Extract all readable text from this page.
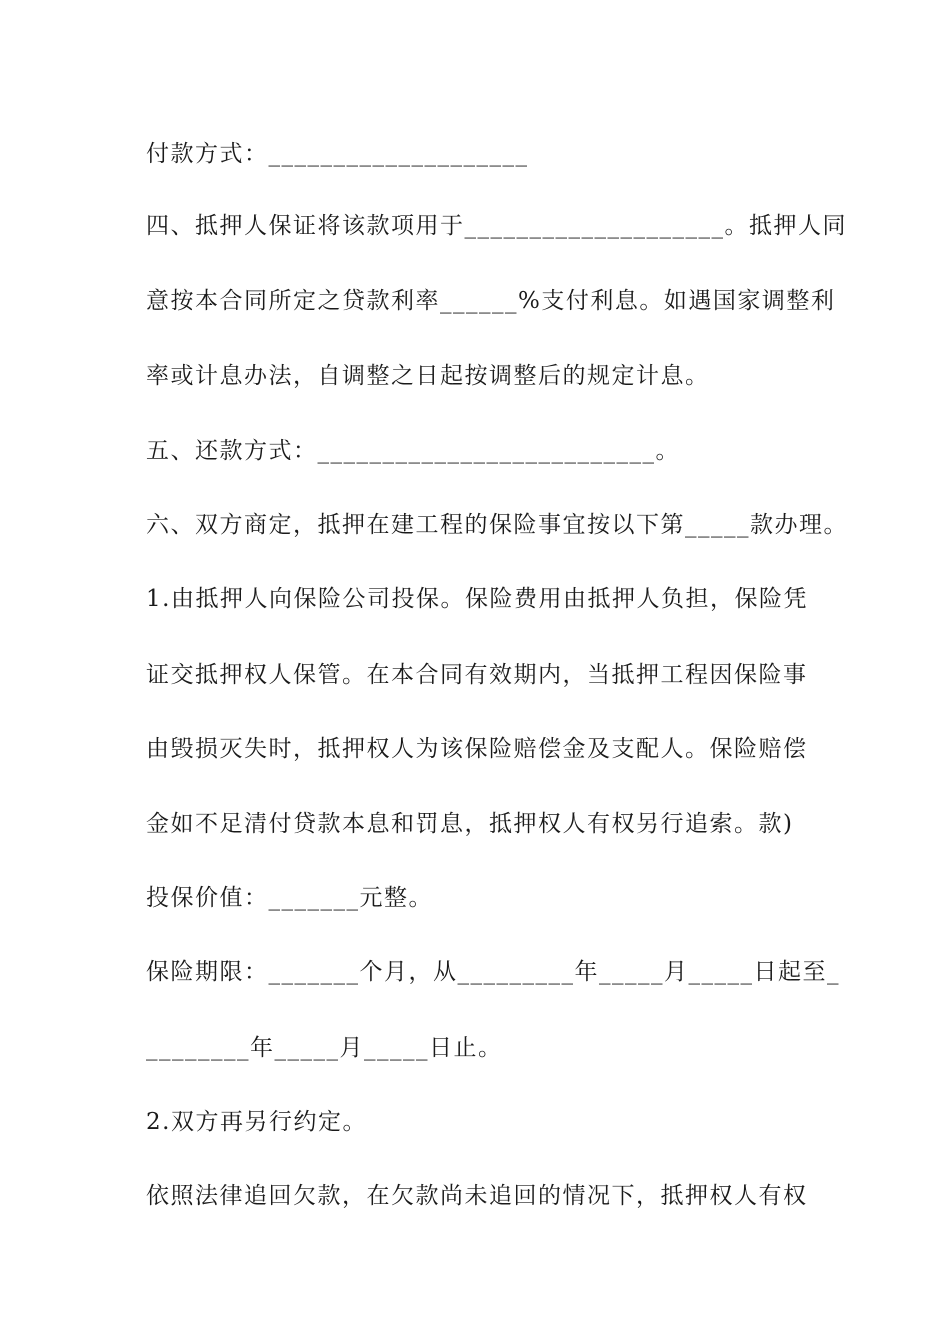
付款方式：____________________
四、抵押人保证将该款项用于____________________。抵押人同
意按本合同所定之贷款利率______%支付利息。如遇国家调整利
率或计息办法，自调整之日起按调整后的规定计息。
五、还款方式：__________________________。
六、双方商定，抵押在建工程的保险事宜按以下第_____款办理。
1.由抵押人向保险公司投保。保险费用由抵押人负担，保险凭
证交抵押权人保管。在本合同有效期内，当抵押工程因保险事
由毁损灭失时，抵押权人为该保险赔偿金及支配人。保险赔偿
金如不足清付贷款本息和罚息，抵押权人有权另行追索。款)
投保价值：_______元整。
保险期限：_______个月，从_________年_____月_____日起至_
________年_____月_____日止。
2.双方再另行约定。
依照法律追回欠款，在欠款尚未追回的情况下，抵押权人有权
